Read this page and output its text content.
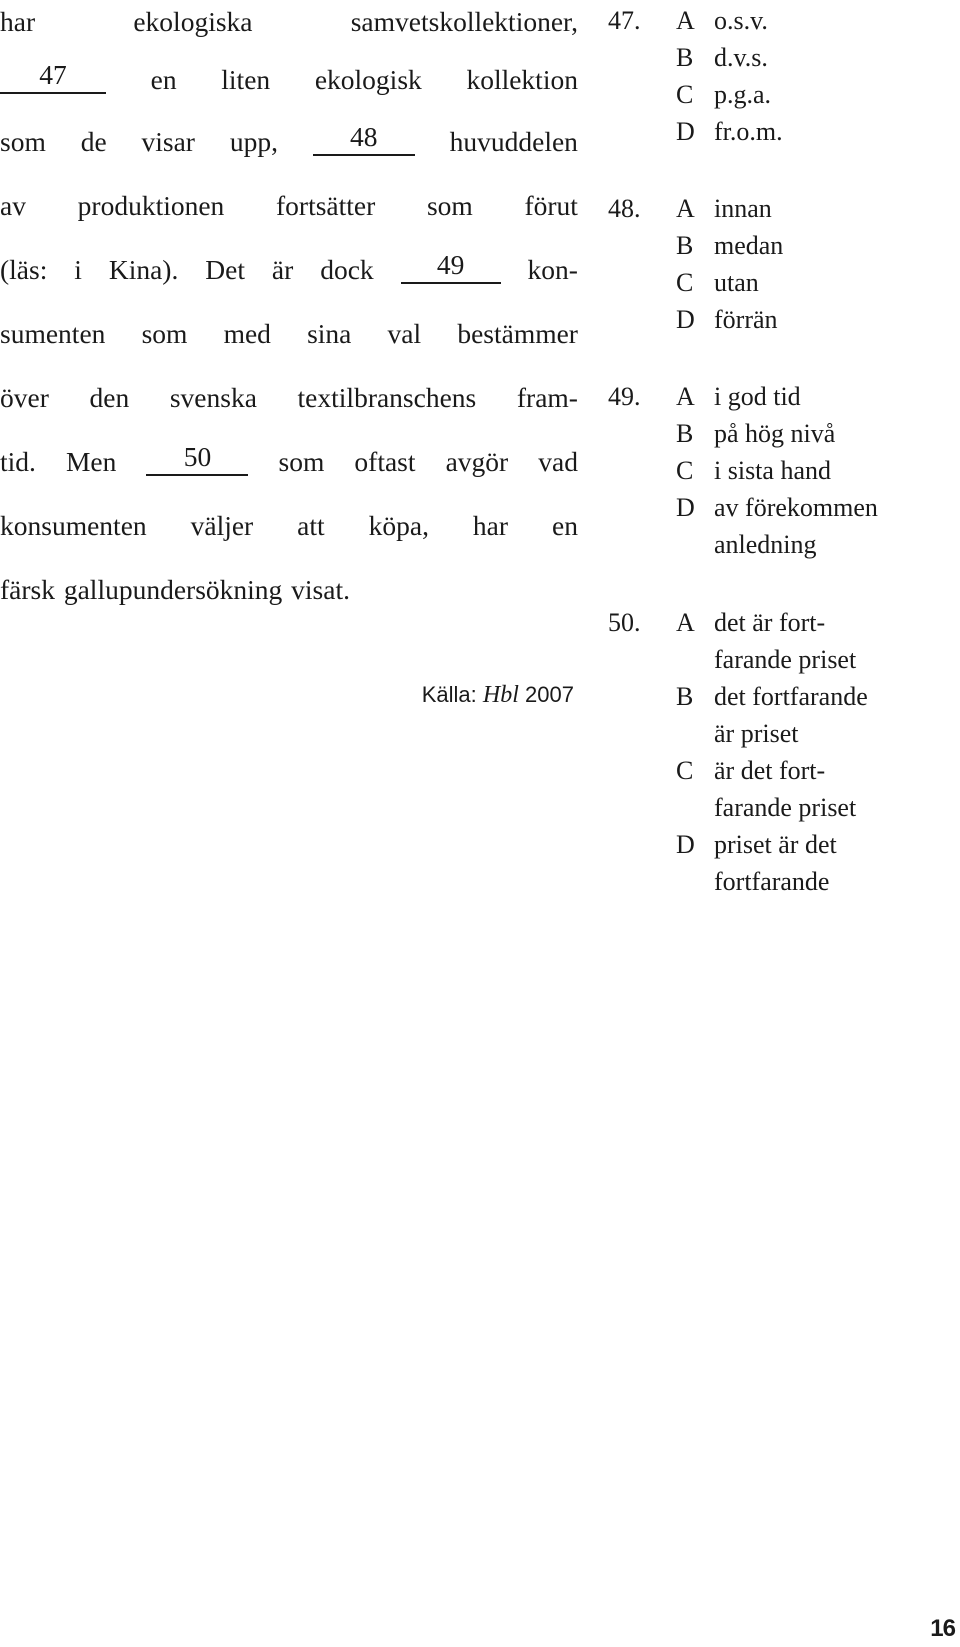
har	ekologiska	samvetskollektioner,
47	en liten ekologisk kollektion
som de visar upp,	48	huvuddelen
av produktionen fortsätter som förut
(läs: i Kina). Det är dock	49	kon-
sumenten som med sina val bestämmer
över den svenska textilbranschens fram-
tid. Men	50	som oftast avgör vad
konsumenten väljer att köpa, har en
färsk gallupundersökning visat.
Källa: Hbl 2007
47. A o.s.v.
B d.v.s.
C p.g.a.
D fr.o.m.
48. A innan
B medan
C utan
D förrän
49. A i god tid
B på hög nivå
C i sista hand
D av förekommen
anledning
50. A det är fort-
farande priset
B det fortfarande
är priset
C är det fort-
farande priset
D priset är det
fortfarande
16
